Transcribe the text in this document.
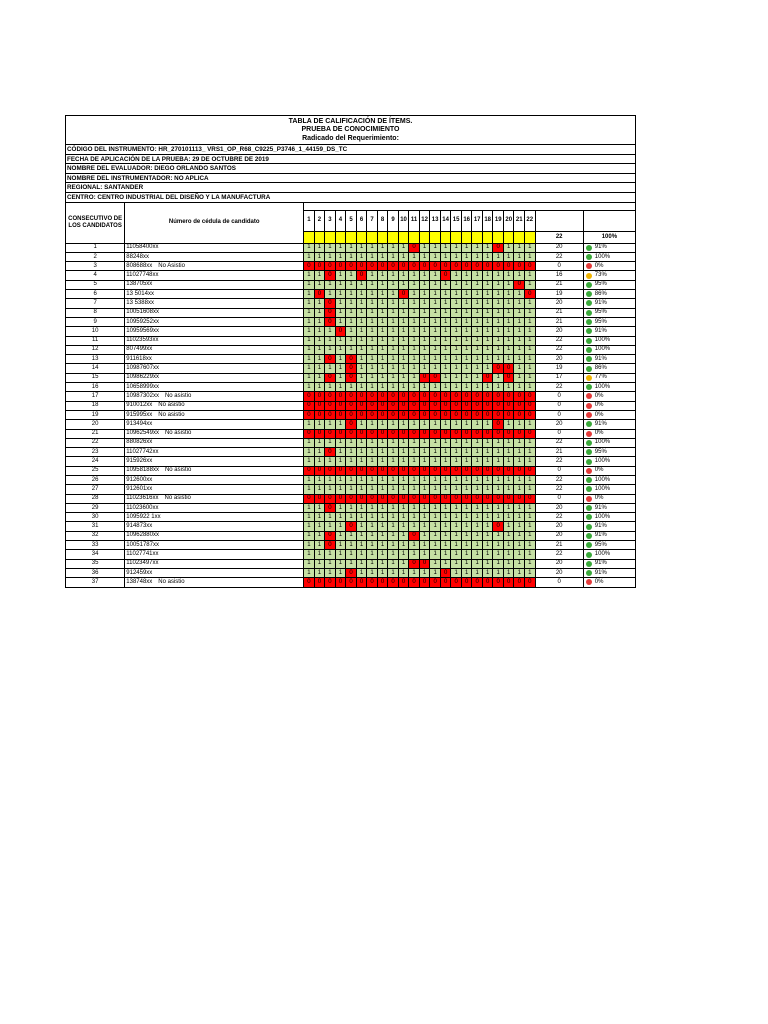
TABLA DE CALIFICACIÓN DE ÍTEMS.
PRUEBA DE CONOCIMIENTO
Radicado del Requerimiento:
CÓDIGO DEL INSTRUMENTO: HR_270101113_ VRS1_OP_R68_C9225_P3746_1_44159_DS_TC
FECHA DE APLICACIÓN DE LA PRUEBA: 29 DE OCTUBRE DE 2019
NOMBRE DEL EVALUADOR: DIEGO ORLANDO SANTOS
NOMBRE DEL INSTRUMENTADOR: NO APLICA
REGIONAL: SANTANDER
CENTRO: CENTRO INDUSTRIAL DEL DISEÑO Y LA MANUFACTURA
CONSECUTIVO DE LOS CANDIDATOS	Número de cédula de candidato																								
		1	2	3	4	5	6	7	8	9	10	11	12	13	14	15	16	17	18	19	20	21	22		
																								22	100%
1	11058400xx	1	1	1	1	1	1	1	1	1	1	0	1	1	1	1	1	1	1	0	1	1	1	20	91%

2	88248xx	1	1	1	1	1	1	1	1	1	1	1	1	1	1	1	1	1	1	1	1	1	1	22	100%

3	808688xx No Asistio	0	0	0	0	0	0	0	0	0	0	0	0	0	0	0	0	0	0	0	0	0	0	0	0%

4	11027748xx	1	1	0	1	1	0	1	1	1	1	1	1	1	0	1	1	1	1	1	1	1	1	16	73%

5	138705xx	1	1	1	1	1	1	1	1	1	1	1	1	1	1	1	1	1	1	1	1	0	1	21	95%

6	13 5014xx	1	0	1	1	1	1	1	1	1	0	1	1	1	1	1	1	1	1	1	1	1	0	19	86%

7	13 5388xx	1	1	0	1	1	1	1	1	1	1	1	1	1	1	1	1	1	1	1	1	1	1	20	91%

8	10051608xx	1	1	0	1	1	1	1	1	1	1	1	1	1	1	1	1	1	1	1	1	1	1	21	95%

9	10959252xx	1	1	0	1	1	1	1	1	1	1	1	1	1	1	1	1	1	1	1	1	1	1	21	95%

10	10959569xx	1	1	1	0	1	1	1	1	1	1	1	1	1	1	1	1	1	1	1	1	1	1	20	91%

11	11023593xx	1	1	1	1	1	1	1	1	1	1	1	1	1	1	1	1	1	1	1	1	1	1	22	100%

12	807499xx	1	1	1	1	1	1	1	1	1	1	1	1	1	1	1	1	1	1	1	1	1	1	22	100%

13	911618xx	1	1	0	1	0	1	1	1	1	1	1	1	1	1	1	1	1	1	1	1	1	1	20	91%

14	10987607xx	1	1	1	1	0	1	1	1	1	1	1	1	1	1	1	1	1	1	0	0	1	1	19	86%

15	10986229xx	1	1	0	1	0	1	1	1	1	1	1	0	0	1	1	1	1	0	1	0	1	1	17	77%

16	10658999xx	1	1	1	1	1	1	1	1	1	1	1	1	1	1	1	1	1	1	1	1	1	1	22	100%

17	10987302xx No asistio	0	0	0	0	0	0	0	0	0	0	0	0	0	0	0	0	0	0	0	0	0	0	0	0%

18	910012xx No asistio	0	0	0	0	0	0	0	0	0	0	0	0	0	0	0	0	0	0	0	0	0	0	0	0%

19	915995xx No asistio	0	0	0	0	0	0	0	0	0	0	0	0	0	0	0	0	0	0	0	0	0	0	0	0%

20	913494xx	1	1	1	1	0	1	1	1	1	1	1	1	1	1	1	1	1	1	0	1	1	1	20	91%

21	10962549xx No asistio	0	0	0	0	0	0	0	0	0	0	0	0	0	0	0	0	0	0	0	0	0	0	0	0%

22	880826xx	1	1	1	1	1	1	1	1	1	1	1	1	1	1	1	1	1	1	1	1	1	1	22	100%

23	11027742xx	1	1	0	1	1	1	1	1	1	1	1	1	1	1	1	1	1	1	1	1	1	1	21	95%

24	915926xx	1	1	1	1	1	1	1	1	1	1	1	1	1	1	1	1	1	1	1	1	1	1	22	100%

25	10958188xx No asistio	0	0	0	0	0	0	0	0	0	0	0	0	0	0	0	0	0	0	0	0	0	0	0	0%

26	912600xx	1	1	1	1	1	1	1	1	1	1	1	1	1	1	1	1	1	1	1	1	1	1	22	100%

27	912601xx	1	1	1	1	1	1	1	1	1	1	1	1	1	1	1	1	1	1	1	1	1	1	22	100%

28	11023616xx No asistio	0	0	0	0	0	0	0	0	0	0	0	0	0	0	0	0	0	0	0	0	0	0	0	0%

29	11023600xx	1	1	0	1	1	1	1	1	1	1	1	1	1	1	1	1	1	1	1	1	1	1	20	91%

30	1095922 1xx	1	1	1	1	1	1	1	1	1	1	1	1	1	1	1	1	1	1	1	1	1	1	22	100%

31	914873xx	1	1	1	1	0	1	1	1	1	1	1	1	1	1	1	1	1	1	0	1	1	1	20	91%

32	10962880xx	1	1	0	1	1	1	1	1	1	1	0	1	1	1	1	1	1	1	1	1	1	1	20	91%

33	10051787xx	1	1	0	1	1	1	1	1	1	1	1	1	1	1	1	1	1	1	1	1	1	1	21	95%

34	11027741xx	1	1	1	1	1	1	1	1	1	1	1	1	1	1	1	1	1	1	1	1	1	1	22	100%

35	11023497xx	1	1	1	1	1	1	1	1	1	1	0	0	1	1	1	1	1	1	1	1	1	1	20	91%

36	912459xx	1	1	1	1	0	1	1	1	1	1	1	1	1	0	1	1	1	1	1	1	1	1	20	91%

37	138748xx No asistio	0	0	0	0	0	0	0	0	0	0	0	0	0	0	0	0	0	0	0	0	0	0	0	0%
